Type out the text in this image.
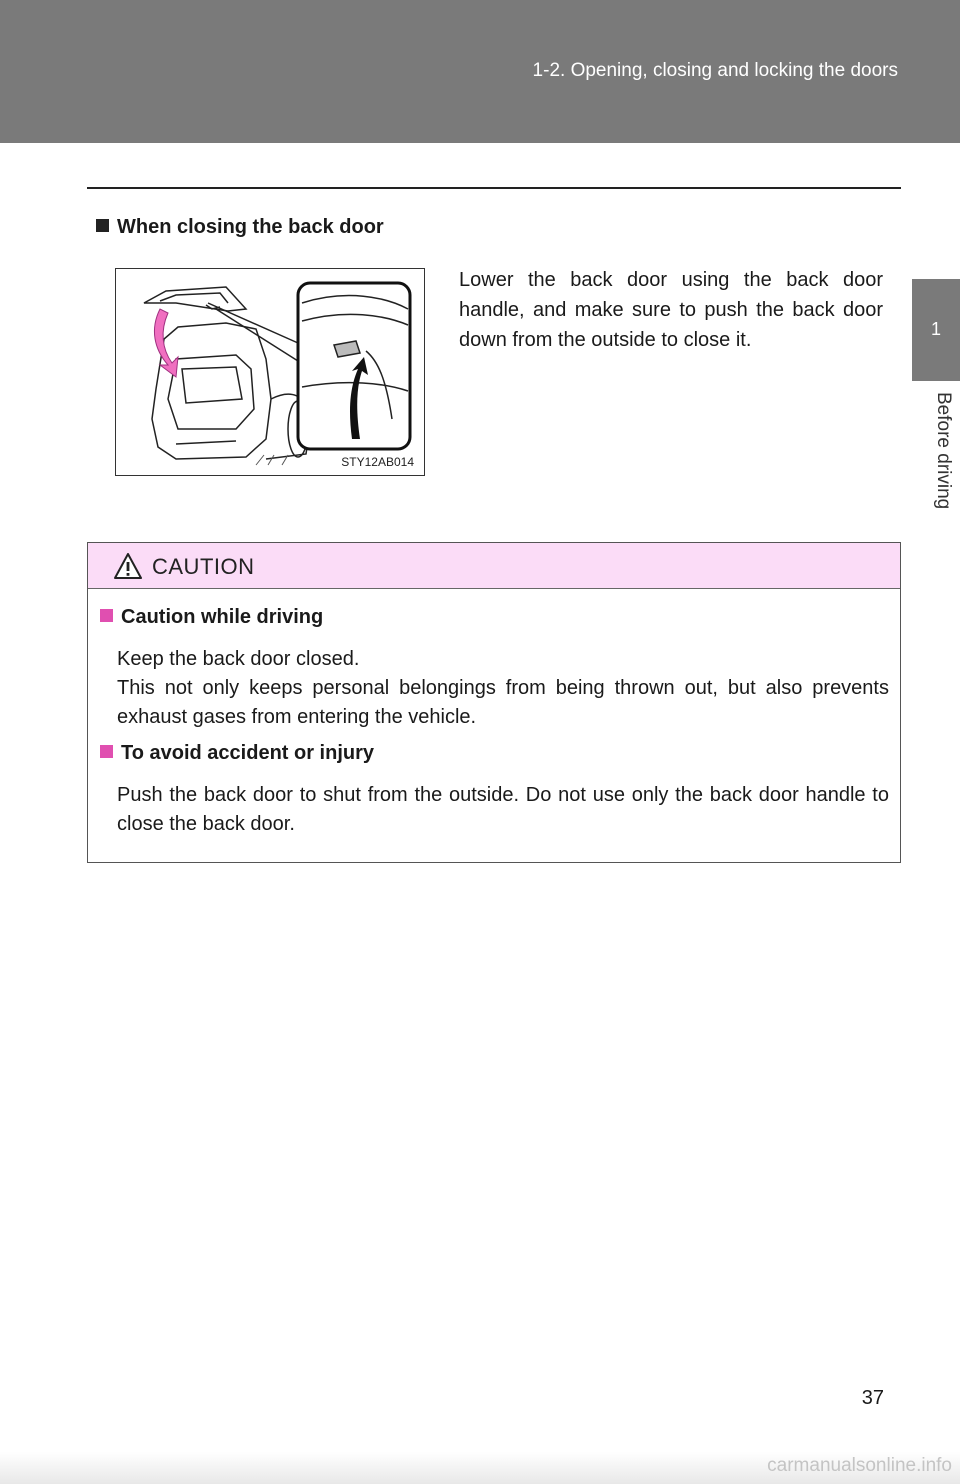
1-2. Opening, closing and locking the doors
1
Before driving

When closing the back door

STY12AB014

Lower the back door using the back door handle, and make sure to push the back door down from the outside to close it.

CAUTION

Caution while driving

Keep the back door closed.

This not only keeps personal belongings from being thrown out, but also prevents exhaust gases from entering the vehicle.

To avoid accident or injury

Push the back door to shut from the outside. Do not use only the back door handle to close the back door.

37
carmanualsonline.info
